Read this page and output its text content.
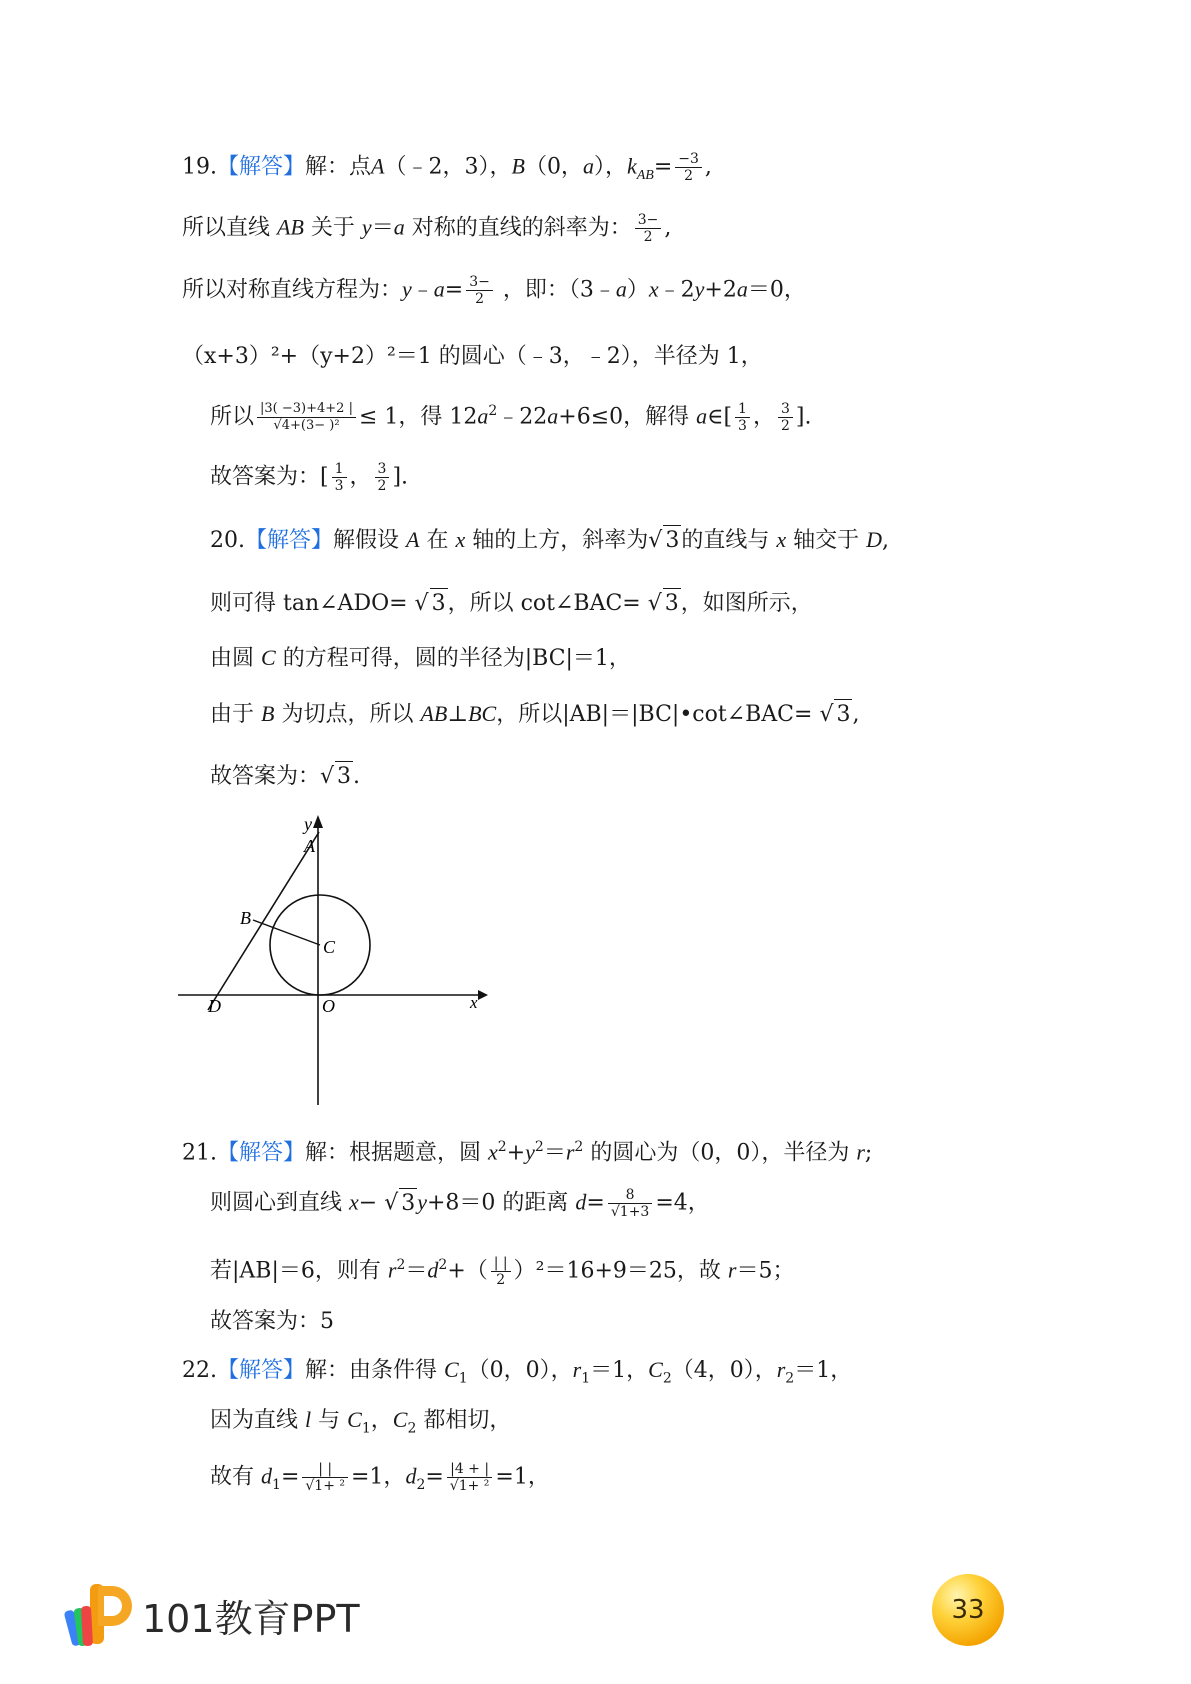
19.【解答】解：点A（﹣2，3），B（0，a），$k_{AB}= \frac{-3}{2}$ ,
所以直线 AB 关于 y＝a 对称的直线的斜率为： $\frac{3-}{2}$ ,
所以对称直线方程为：y﹣a= $\frac{3-}{2}$ ，即：（3﹣a）x﹣2y+2a＝0，
（x+3）²+（y+2）²＝1 的圆心（﹣3，﹣2），半径为 1，
所以 $\frac{|3( -3)+4+2 |}{\text{√4+(3− )²}} \le 1$，得 $12a^2﹣22a+6\le 0$，解得 a∈[ $\frac{1}{3}$ ， $\frac{3}{2}$ ].
故答案为：[ $\frac{1}{3}$ ， $\frac{3}{2}$ ].
20.【解答】解假设 A 在 x 轴的上方，斜率为√ 3的直线与 x 轴交于 D,
则可得 tan∠ADO= √ 3，所以 cot∠BAC= √ 3，如图所示，
由圆 C 的方程可得，圆的半径为|BC|＝1，
由于 B 为切点，所以 AB⊥BC，所以|AB|＝|BC|•cot∠BAC= √ 3,
故答案为：√ 3.
y
A
B
C
D	O	x
21.【解答】解：根据题意，圆 $x^2+y^2=r^2$ 的圆心为（0，0），半径为 r;
则圆心到直线 x− √ 3y+8＝0 的距离 $d= \frac{8}{√1+3} =4$，
若|AB|＝6，则有 $r^2=d^2+( \frac{| |}{2} )^2=16+9=25$，故 r＝5；
故答案为：5
22.【解答】解：由条件得 $C_1(0$，0），$r_1=1$，$C_2(4$，0），$r_2=1$，
因为直线 l 与 $C_1$，$C_2$ 都相切，
故有 $d_1= \frac{| |}{\text{√1+ ²}} =1$，$d_2= \frac{|4 + |}{\text{√1+ ²}} =1$，
101教育PPT	33
